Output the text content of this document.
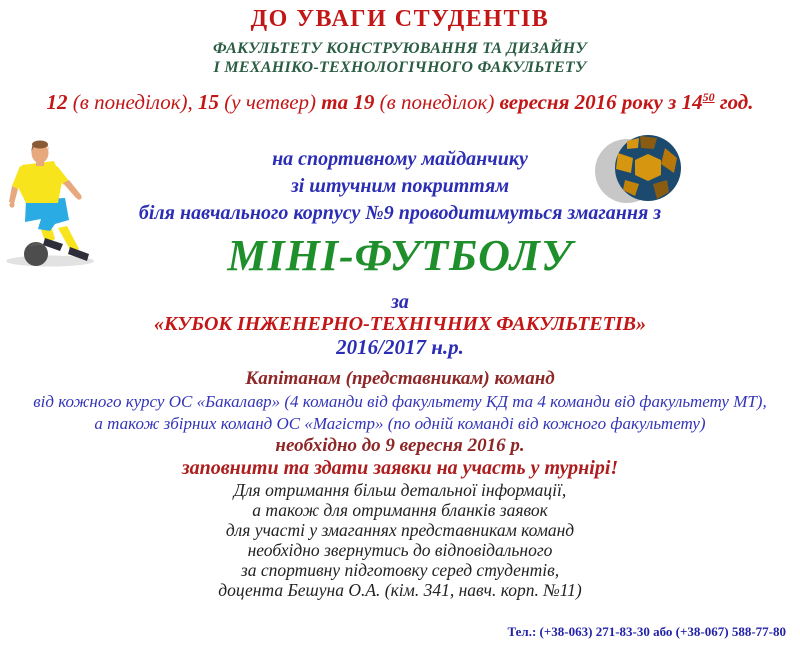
ДО УВАГИ СТУДЕНТІВ
ФАКУЛЬТЕТУ КОНСТРУЮВАННЯ ТА ДИЗАЙНУ
І МЕХАНІКО-ТЕХНОЛОГІЧНОГО ФАКУЛЬТЕТУ
12 (в понеділок), 15 (у четвер) та 19 (в понеділок) вересня 2016 року з $14^{50}$ год.
на спортивному майданчику
зі штучним покриттям
біля навчального корпусу №9 проводитимуться змагання з
МІНІ-ФУТБОЛУ
за
«КУБОК ІНЖЕНЕРНО-ТЕХНІЧНИХ ФАКУЛЬТЕТІВ»
2016/2017 н.р.
Капітанам (представникам) команд
від кожного курсу ОС «Бакалавр» (4 команди від факультету КД та 4 команди від факультету МТ),
а також збірних команд ОС «Магістр» (по одній команді від кожного факультету)
необхідно до 9 вересня 2016 р.
заповнити та здати заявки на участь у турнірі!
Для отримання більш детальної інформації,
а також для отримання бланків заявок
для участі у змаганнях представникам команд
необхідно звернутись до відповідального
за спортивну підготовку серед студентів,
доцента Бешуна О.А. (кім. 341, навч. корп. №11)
Тел.: (+38-063) 271-83-30 або (+38-067) 588-77-80
